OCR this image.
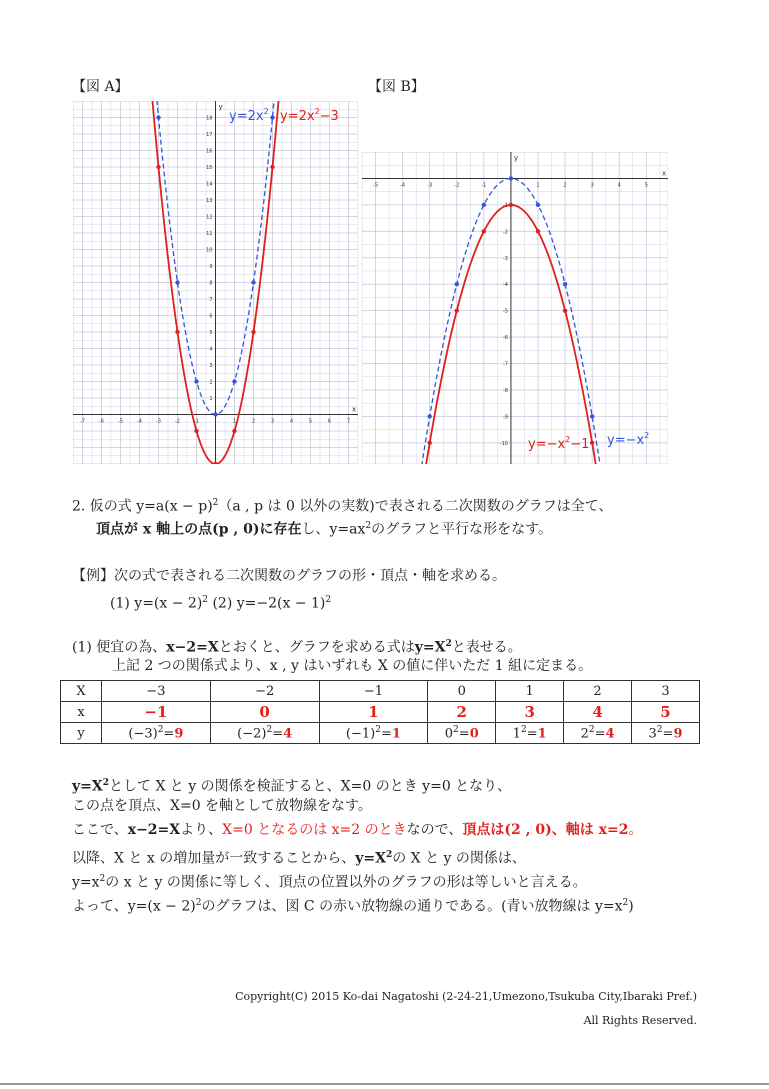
【図 A】	【図 B】
x
y
-7	-6	-5	-4	-3	-2	-1	1	2	3	4	5	6	7
1
2
3
4
5
6
7
8
9
10
11
12
13
14
15
16
17
18 $y=2x^2$ $y=2x^2-3$
x
y
-5	-4	-3	-2	-1	1	2	3	4	5
-1
-2
-3
-4
-5
-6
-7
-8
-9
-10 $y=-x^2-1$ $y=-x^2$
2. 仮の式 $y=a(x - p)^2(a$ , p は 0 以外の実数)で表される二次関数のグラフは全て、
頂点が x 軸上の点(p , 0)に存在し、$y=ax^2$のグラフと平行な形をなす。
【例】次の式で表される二次関数のグラフの形・頂点・軸を求める。
(1) $y=(x - 2)^2$ (2) $y=-2(x - 1)^2$
(1) 便宜の為、x−2=Xとおくと、グラフを求める式は$y=X^2$と表せる。
上記 2 つの関係式より、x , y はいずれも X の値に伴いただ 1 組に定まる。
X	−3	−2	−1	0	1	2	3
x	−1	0	1	2	3	4	5
y	$(-3)^2=9$	$(-2)^2=4$	$(-1)^2=1$	$0^2=0$	$1^2=1$	$2^2=4$	$3^2=9$
$y=X^2$として X と y の関係を検証すると、X=0 のとき y=0 となり、
この点を頂点、X=0 を軸として放物線をなす。
ここで、x−2=Xより、X=0 となるのは x=2 のときなので、頂点は(2 , 0)、軸は x=2。
以降、X と x の増加量が一致することから、$y=X^2$の X と y の関係は、
$y=x^2$の x と y の関係に等しく、頂点の位置以外のグラフの形は等しいと言える。
よって、$y=(x - 2)^2$のグラフは、図 C の赤い放物線の通りである。(青い放物線は $y=x^2$)
Copyright(C) 2015 Ko-dai Nagatoshi (2-24-21,Umezono,Tsukuba City,Ibaraki Pref.)
All Rights Reserved.
